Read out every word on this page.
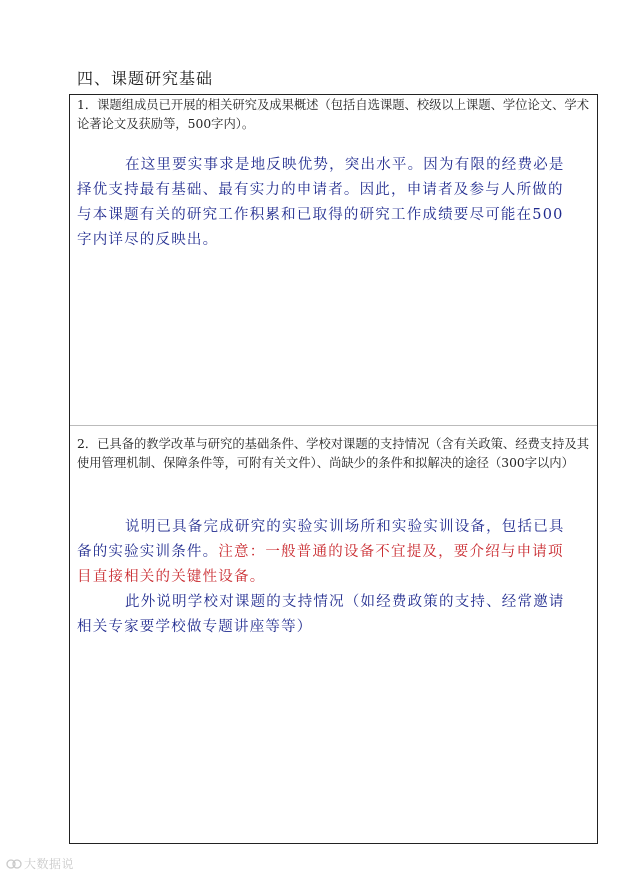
四、课题研究基础
1．课题组成员已开展的相关研究及成果概述（包括自选课题、校级以上课题、学位论文、学术论著论文及获励等，500字内）。
在这里要实事求是地反映优势，突出水平。因为有限的经费必是择优支持最有基础、最有实力的申请者。因此，申请者及参与人所做的与本课题有关的研究工作积累和已取得的研究工作成绩要尽可能在500字内详尽的反映出。
2．已具备的教学改革与研究的基础条件、学校对课题的支持情况（含有关政策、经费支持及其使用管理机制、保障条件等，可附有关文件）、尚缺少的条件和拟解决的途径（300字以内）
说明已具备完成研究的实验实训场所和实验实训设备，包括已具备的实验实训条件。注意：一般普通的设备不宜提及，要介绍与申请项目直接相关的关键性设备。
此外说明学校对课题的支持情况（如经费政策的支持、经常邀请相关专家要学校做专题讲座等等）
大数据说
